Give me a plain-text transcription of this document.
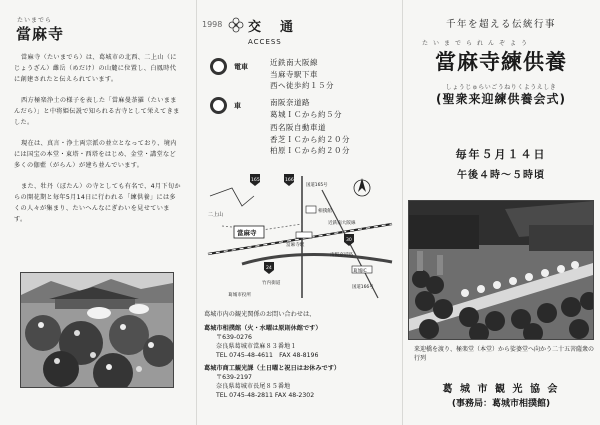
たいまでら
當麻寺

當麻寺（たいまでら）は、葛城市の北西、二上山（にじょうざん）雌岳（めだけ）の山麓に位置し、白鳳時代に創建されたと伝えられています。

西方極楽浄土の様子を表した「當麻曼荼羅（たいままんだら）」と中将姫伝説で知られる古寺として栄えてきました。

現在は、真言・浄土両宗派の並立となっており、境内には国宝の本堂・東塔・西塔をはじめ、金堂・講堂など多くの伽藍（がらん）が建ち並んでいます。

また、牡丹（ぼたん）の寺としても有名で、4月下旬からの開花期と毎年5月14日に行われる「練供養」には多くの人々が集まり、たいへんなにぎわいを見せています。

1998 交　通
ACCESS
電車	近鉄南大阪線
当麻寺駅下車
西へ徒歩約１５分
車	南阪奈道路
葛城ＩＣから約５分
西名阪自動車道
香芝ＩＣから約２０分
柏原ＩＣから約２０分
當麻寺
二上山
當麻寺駅
近鉄南大阪線
南阪奈道路
葛城IC
国道165号
国道166号
相撲館
竹内街道
葛城市役所
165	166
30
24
葛城市内の観光関係のお問い合わせは、
葛城市相撲館（火・水曜は原則休館です）
〒639-0276
奈良県葛城市當麻８３番地１
TEL 0745-48-4611　FAX 48-8196
葛城市商工観光課（土日曜と祝日はお休みです）
〒639-2197
奈良県葛城市長尾８５番地
TEL 0745-48-2811 FAX 48-2302
千年を超える伝統行事
たいまでられんぞよう
當麻寺練供養
しょうじゅらいごうねりくようえしき
(聖衆来迎練供養会式)
毎年５月１４日
午後４時～５時頃
来迎橋を渡り、極楽堂（本堂）から娑婆堂へ向かう二十五菩薩衆の行列
葛 城 市 観 光 協 会
(事務局：葛城市相撲館)
